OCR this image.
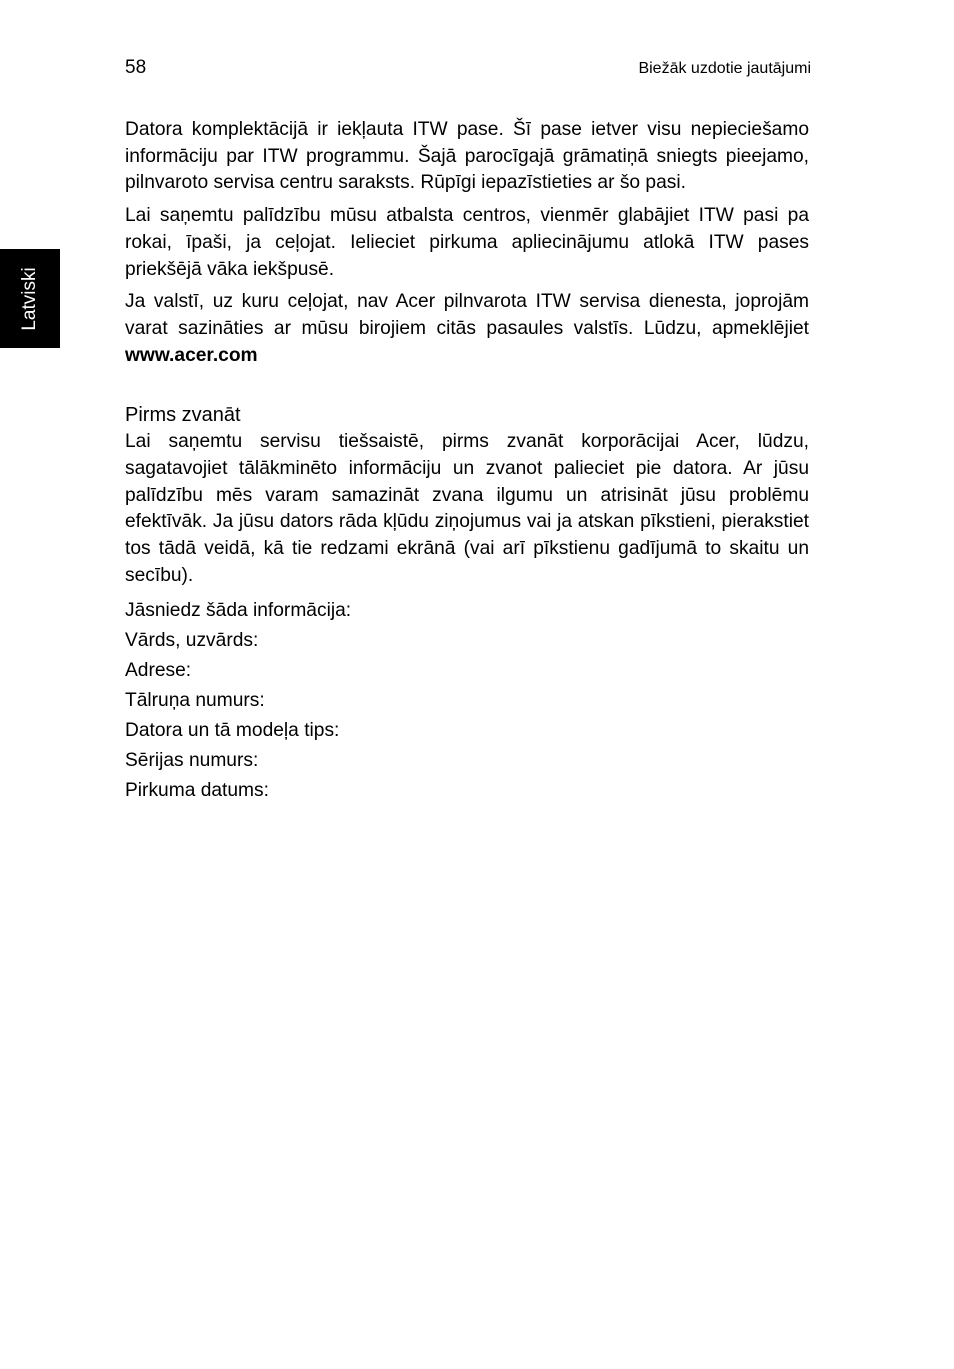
58	Biežāk uzdotie jautājumi
Latviski

Datora komplektācijā ir iekļauta ITW pase. Šī pase ietver visu nepieciešamo informāciju par ITW programmu. Šajā parocīgajā grāmatiņā sniegts pieejamo, pilnvaroto servisa centru saraksts. Rūpīgi iepazīstieties ar šo pasi.

Lai saņemtu palīdzību mūsu atbalsta centros, vienmēr glabājiet ITW pasi pa rokai, īpaši, ja ceļojat. Ielieciet pirkuma apliecinājumu atlokā ITW pases priekšējā vāka iekšpusē.

Ja valstī, uz kuru ceļojat, nav Acer pilnvarota ITW servisa dienesta, joprojām varat sazināties ar mūsu birojiem citās pasaules valstīs. Lūdzu, apmeklējiet www.acer.com

Pirms zvanāt

Lai saņemtu servisu tiešsaistē, pirms zvanāt korporācijai Acer, lūdzu, sagatavojiet tālākminēto informāciju un zvanot palieciet pie datora. Ar jūsu palīdzību mēs varam samazināt zvana ilgumu un atrisināt jūsu problēmu efektīvāk. Ja jūsu dators rāda kļūdu ziņojumus vai ja atskan pīkstieni, pierakstiet tos tādā veidā, kā tie redzami ekrānā (vai arī pīkstienu gadījumā to skaitu un secību).

Jāsniedz šāda informācija:

Vārds, uzvārds:
Adrese:
Tālruņa numurs:
Datora un tā modeļa tips:
Sērijas numurs:
Pirkuma datums:
